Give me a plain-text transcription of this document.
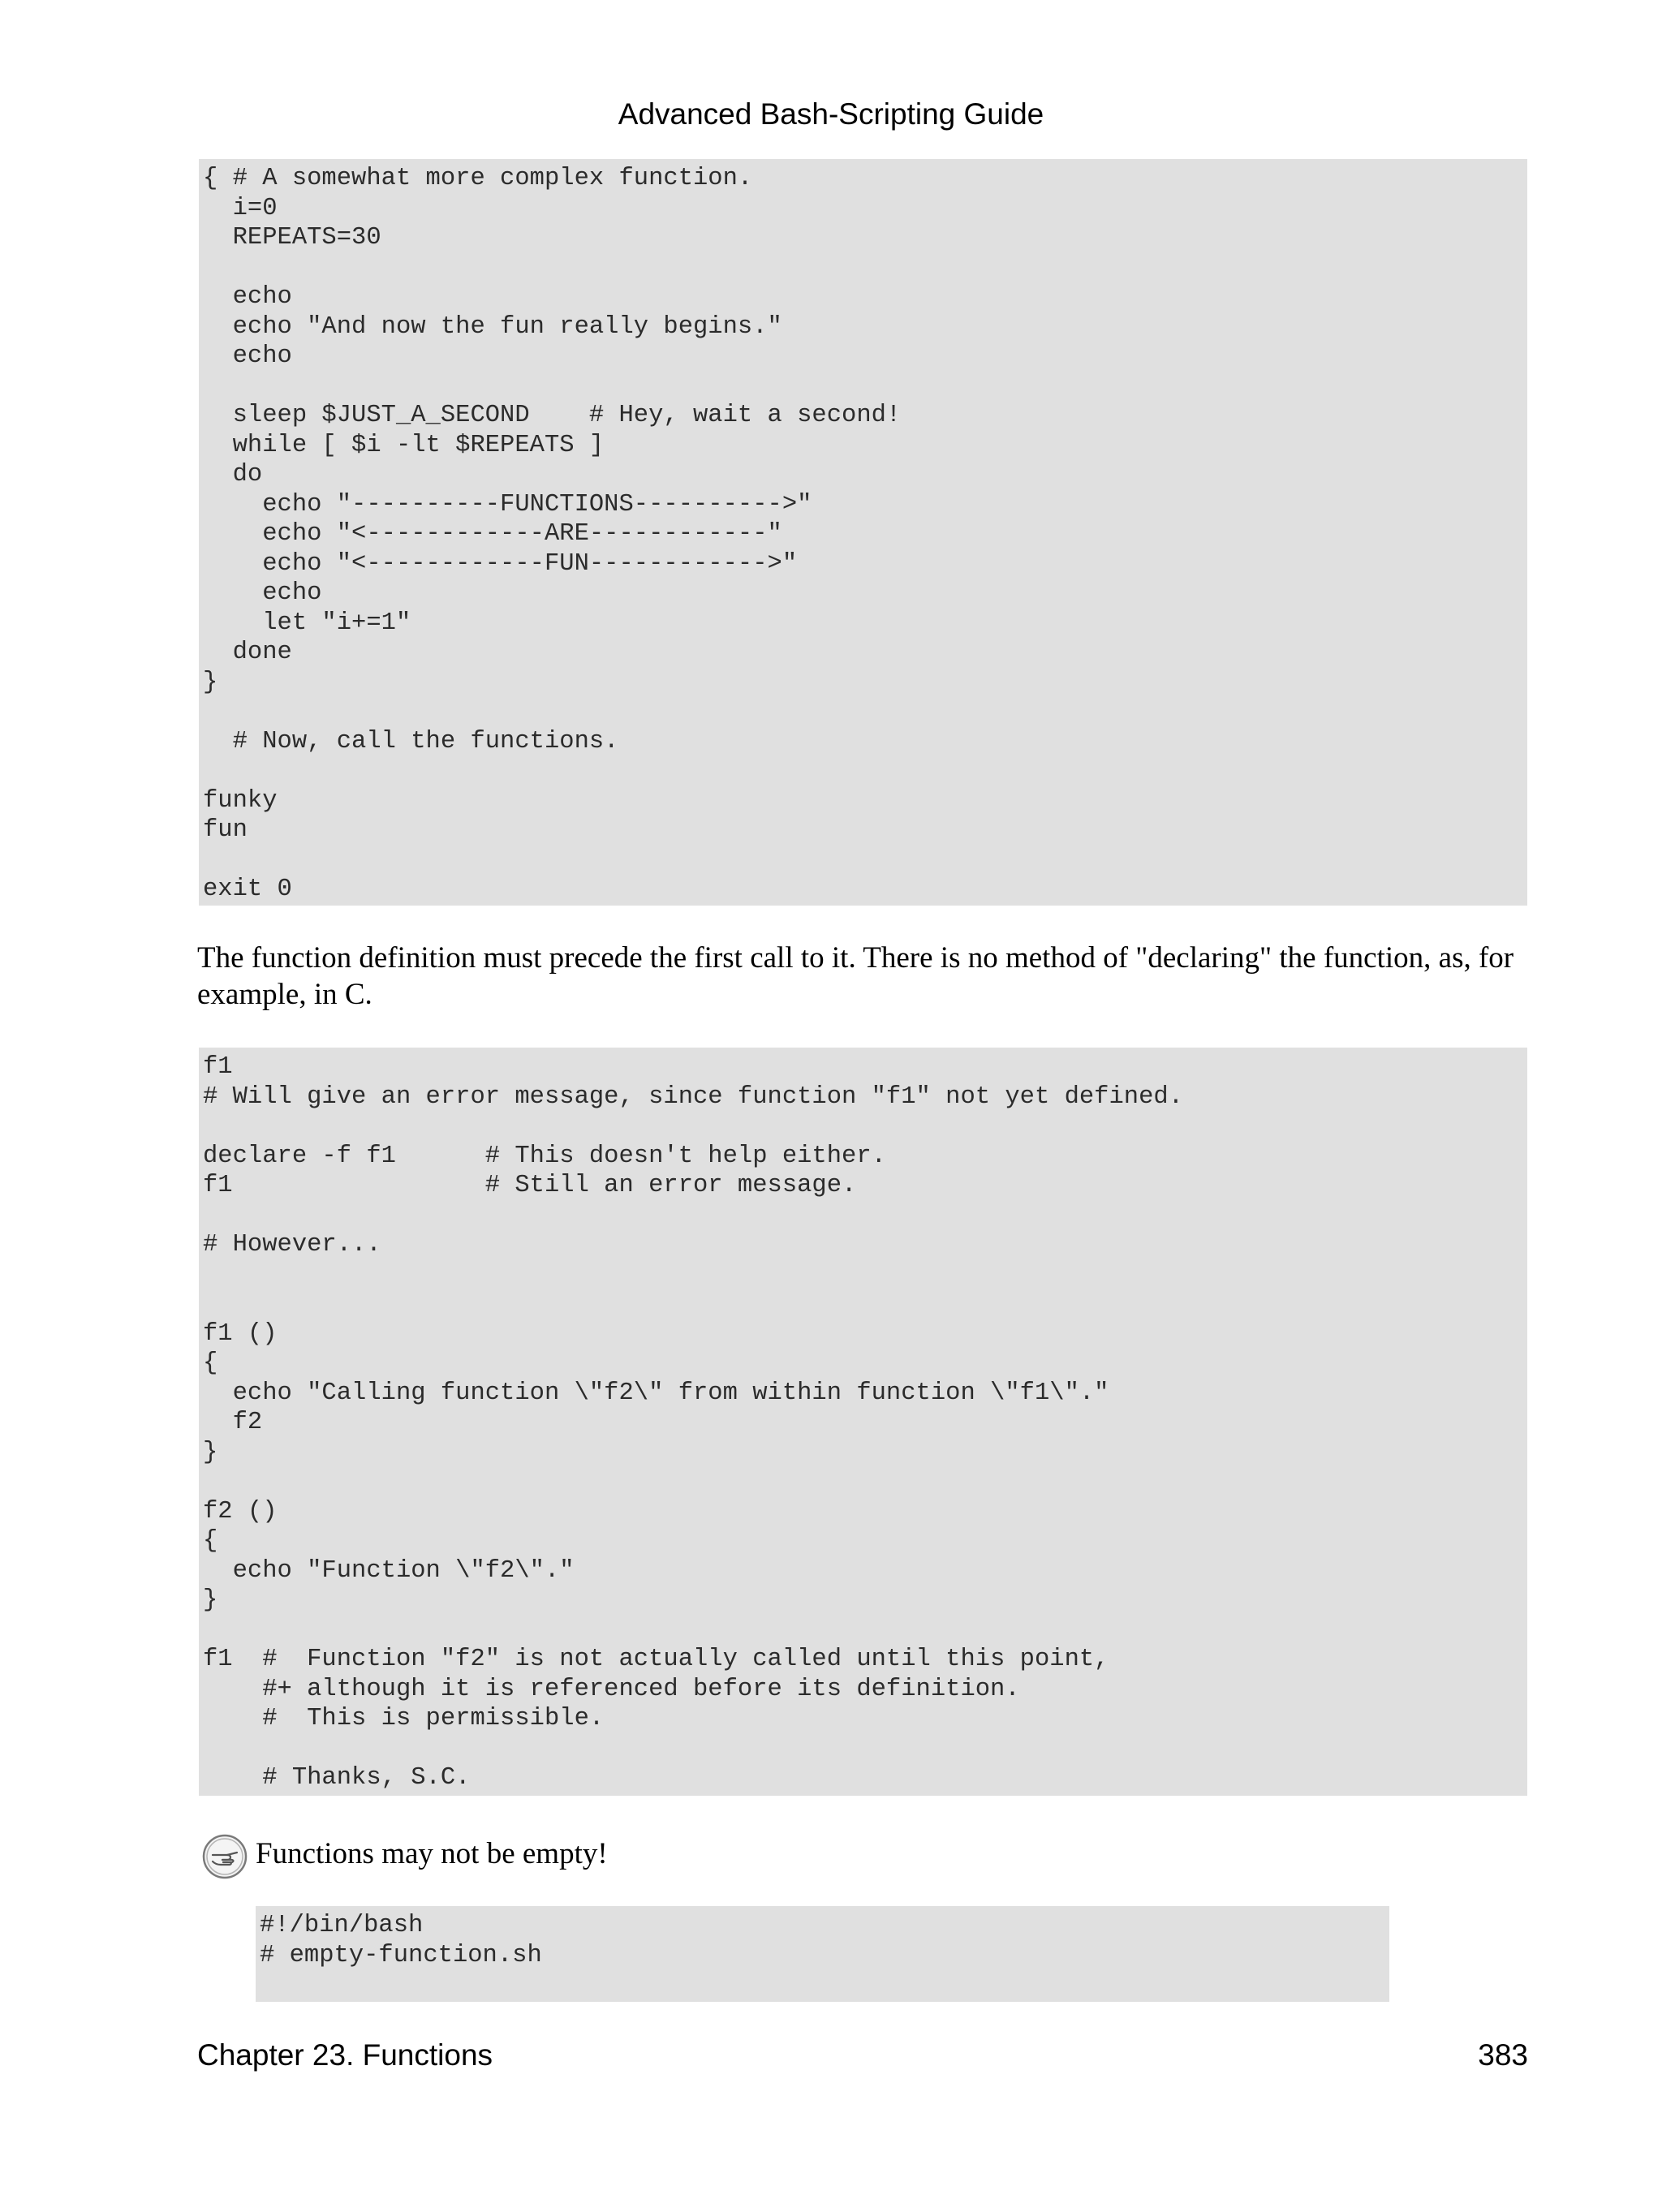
Advanced Bash-Scripting Guide
{ # A somewhat more complex function.
i=0
REPEATS=30

echo
echo "And now the fun really begins."
echo

sleep $JUST_A_SECOND    # Hey, wait a second!
while [ $i -lt $REPEATS ]
do
echo "----------FUNCTIONS---------->"
echo "<------------ARE------------"
echo "<------------FUN------------>"
echo
let "i+=1"
done
}

# Now, call the functions.

funky
fun

exit 0
The function definition must precede the first call to it. There is no method of "declaring" the function, as, for example, in C.
f1
# Will give an error message, since function "f1" not yet defined.

declare -f f1      # This doesn't help either.
f1                 # Still an error message.

# However...

f1 ()
{
echo "Calling function \"f2\" from within function \"f1\"."
f2
}

f2 ()
{
echo "Function \"f2\"."
}

f1  #  Function "f2" is not actually called until this point,
#+ although it is referenced before its definition.
#  This is permissible.

# Thanks, S.C.
Functions may not be empty!
#!/bin/bash
# empty-function.sh
Chapter 23. Functions	383
